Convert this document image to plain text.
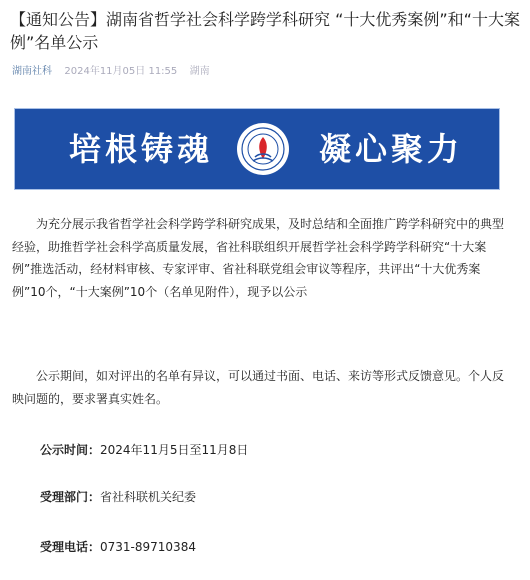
【通知公告】湖南省哲学社会科学跨学科研究 “十大优秀案例”和“十大案例”名单公示
湖南社科 2024年11月05日 11:55 湖南
培根铸魂	凝心聚力

为充分展示我省哲学社会科学跨学科研究成果，及时总结和全面推广跨学科研究中的典型经验，助推哲学社会科学高质量发展，省社科联组织开展哲学社会科学跨学科研究“十大案例”推选活动，经材料审核、专家评审、省社科联党组会审议等程序，共评出“十大优秀案例”10个，“十大案例”10个（名单见附件），现予以公示

公示期间，如对评出的名单有异议，可以通过书面、电话、来访等形式反馈意见。个人反映问题的，要求署真实姓名。

公示时间：2024年11月5日至11月8日
受理部门：省社科联机关纪委
受理电话：0731-89710384
